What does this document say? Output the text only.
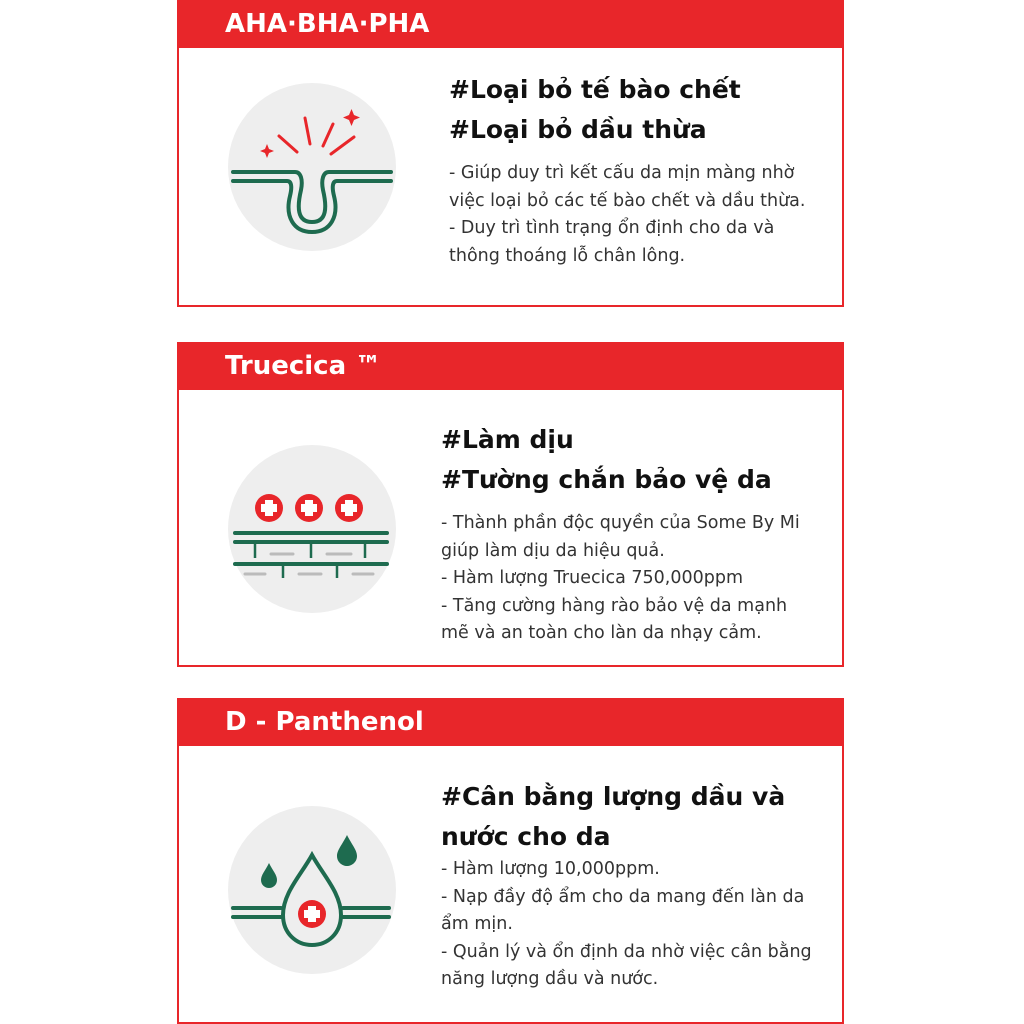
AHA·BHA·PHA
#Loại bỏ tế bào chết
#Loại bỏ dầu thừa

- Giúp duy trì kết cấu da mịn màng nhờ
việc loại bỏ các tế bào chết và dầu thừa.
- Duy trì tình trạng ổn định cho da và
thông thoáng lỗ chân lông.

Truecica ™
#Làm dịu
#Tường chắn bảo vệ da

- Thành phần độc quyền của Some By Mi
giúp làm dịu da hiệu quả.
- Hàm lượng Truecica 750,000ppm
- Tăng cường hàng rào bảo vệ da mạnh
mẽ và an toàn cho làn da nhạy cảm.

D - Panthenol
#Cân bằng lượng dầu và
nước cho da

- Hàm lượng 10,000ppm.
- Nạp đầy độ ẩm cho da mang đến làn da
ẩm mịn.
- Quản lý và ổn định da nhờ việc cân bằng
năng lượng dầu và nước.
